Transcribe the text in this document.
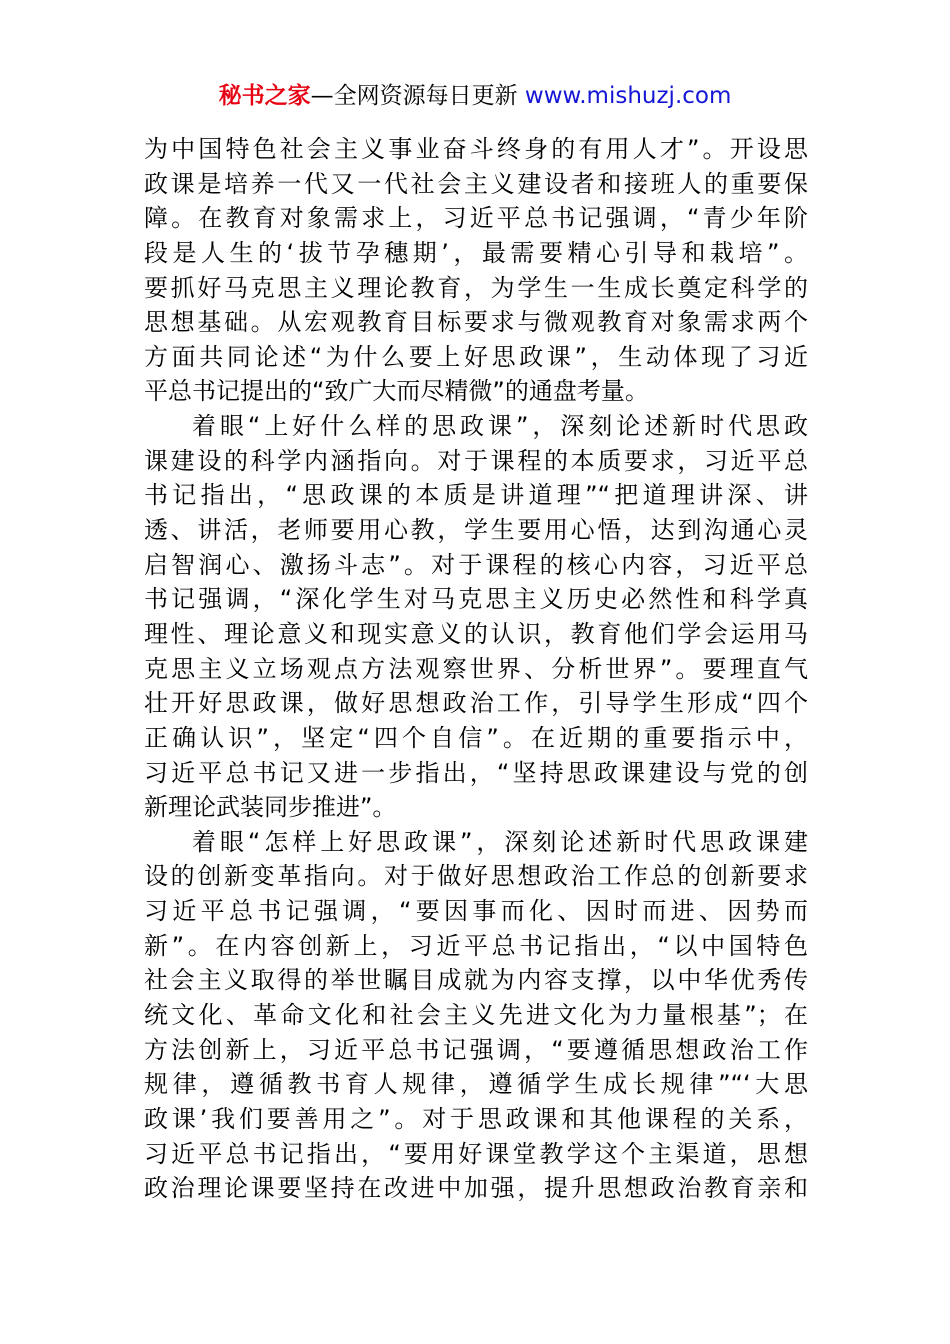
秘书之家—全网资源每日更新 www.mishuzj.com
为中国特色社会主义事业奋斗终身的有用人才”。开设思
政课是培养一代又一代社会主义建设者和接班人的重要保
障。在教育对象需求上，习近平总书记强调，“青少年阶
段是人生的‘拔节孕穗期’，最需要精心引导和栽培”。
要抓好马克思主义理论教育，为学生一生成长奠定科学的
思想基础。从宏观教育目标要求与微观教育对象需求两个
方面共同论述“为什么要上好思政课”，生动体现了习近
平总书记提出的“致广大而尽精微”的通盘考量。
着眼“上好什么样的思政课”，深刻论述新时代思政
课建设的科学内涵指向。对于课程的本质要求，习近平总
书记指出，“思政课的本质是讲道理”“把道理讲深、讲
透、讲活，老师要用心教，学生要用心悟，达到沟通心灵
启智润心、激扬斗志”。对于课程的核心内容，习近平总
书记强调，“深化学生对马克思主义历史必然性和科学真
理性、理论意义和现实意义的认识，教育他们学会运用马
克思主义立场观点方法观察世界、分析世界”。要理直气
壮开好思政课，做好思想政治工作，引导学生形成“四个
正确认识”，坚定“四个自信”。在近期的重要指示中，
习近平总书记又进一步指出，“坚持思政课建设与党的创
新理论武装同步推进”。
着眼“怎样上好思政课”，深刻论述新时代思政课建
设的创新变革指向。对于做好思想政治工作总的创新要求
习近平总书记强调，“要因事而化、因时而进、因势而
新”。在内容创新上，习近平总书记指出，“以中国特色
社会主义取得的举世瞩目成就为内容支撑，以中华优秀传
统文化、革命文化和社会主义先进文化为力量根基”；在
方法创新上，习近平总书记强调，“要遵循思想政治工作
规律，遵循教书育人规律，遵循学生成长规律”“‘大思
政课’我们要善用之”。对于思政课和其他课程的关系，
习近平总书记指出，“要用好课堂教学这个主渠道，思想
政治理论课要坚持在改进中加强，提升思想政治教育亲和
